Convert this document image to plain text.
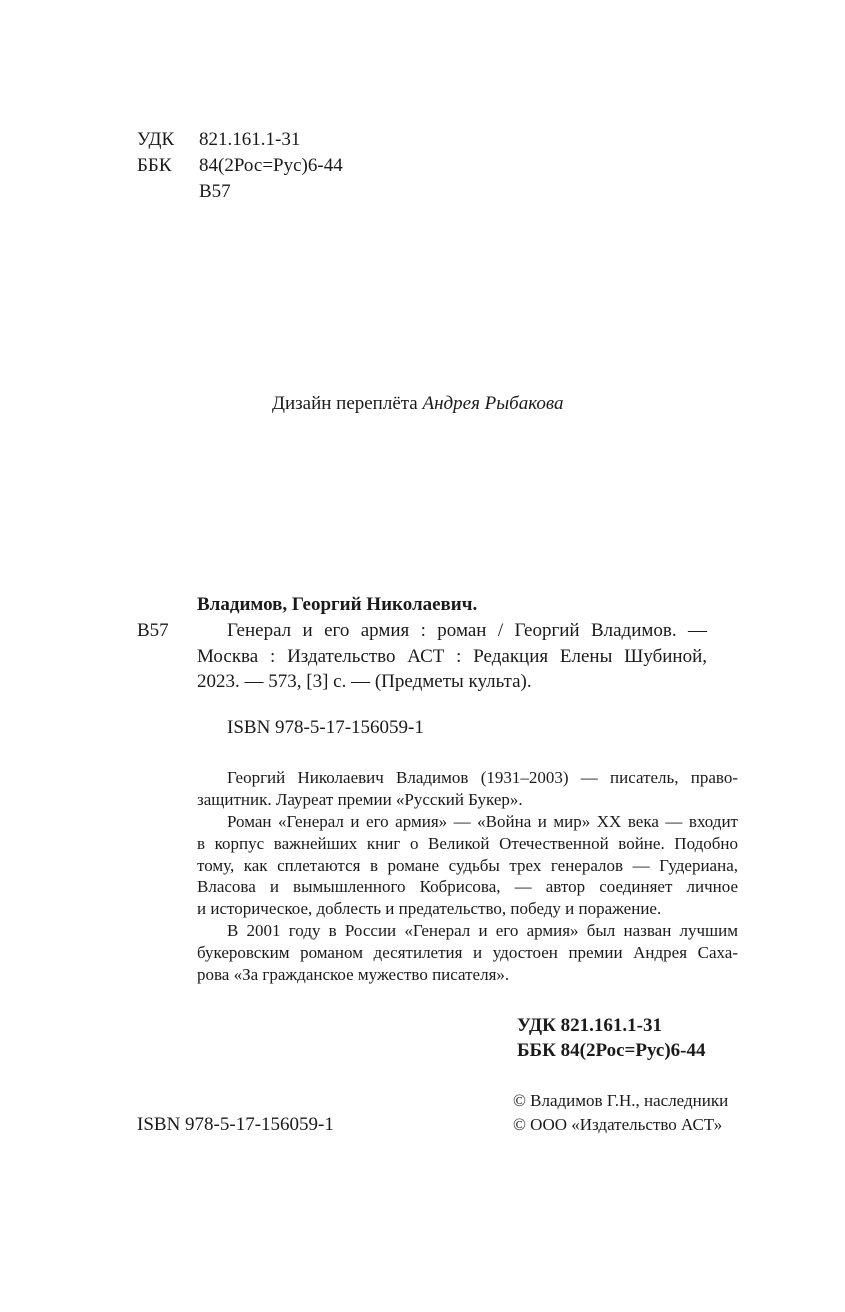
УДК 821.161.1-31
ББК 84(2Рос=Рус)6-44
В57
Дизайн переплёта Андрея Рыбакова
Владимов, Георгий Николаевич.
В57	Генерал и его армия : роман / Георгий Владимов. —
Москва : Издательство АСТ : Редакция Елены Шубиной,
2023. — 573, [3] с. — (Предметы культа).
ISBN 978-5-17-156059-1
Георгий Николаевич Владимов (1931–2003) — писатель, право-
защитник. Лауреат премии «Русский Букер».
Роман «Генерал и его армия» — «Война и мир» XX века — входит
в корпус важнейших книг о Великой Отечественной войне. Подобно
тому, как сплетаются в романе судьбы трех генералов — Гудериана,
Власова и вымышленного Кобрисова, — автор соединяет личное
и историческое, доблесть и предательство, победу и поражение.
В 2001 году в России «Генерал и его армия» был назван лучшим
букеровским романом десятилетия и удостоен премии Андрея Саха-
рова «За гражданское мужество писателя».
УДК 821.161.1-31
ББК 84(2Рос=Рус)6-44
© Владимов Г.Н., наследники
ISBN 978-5-17-156059-1	© ООО «Издательство АСТ»
